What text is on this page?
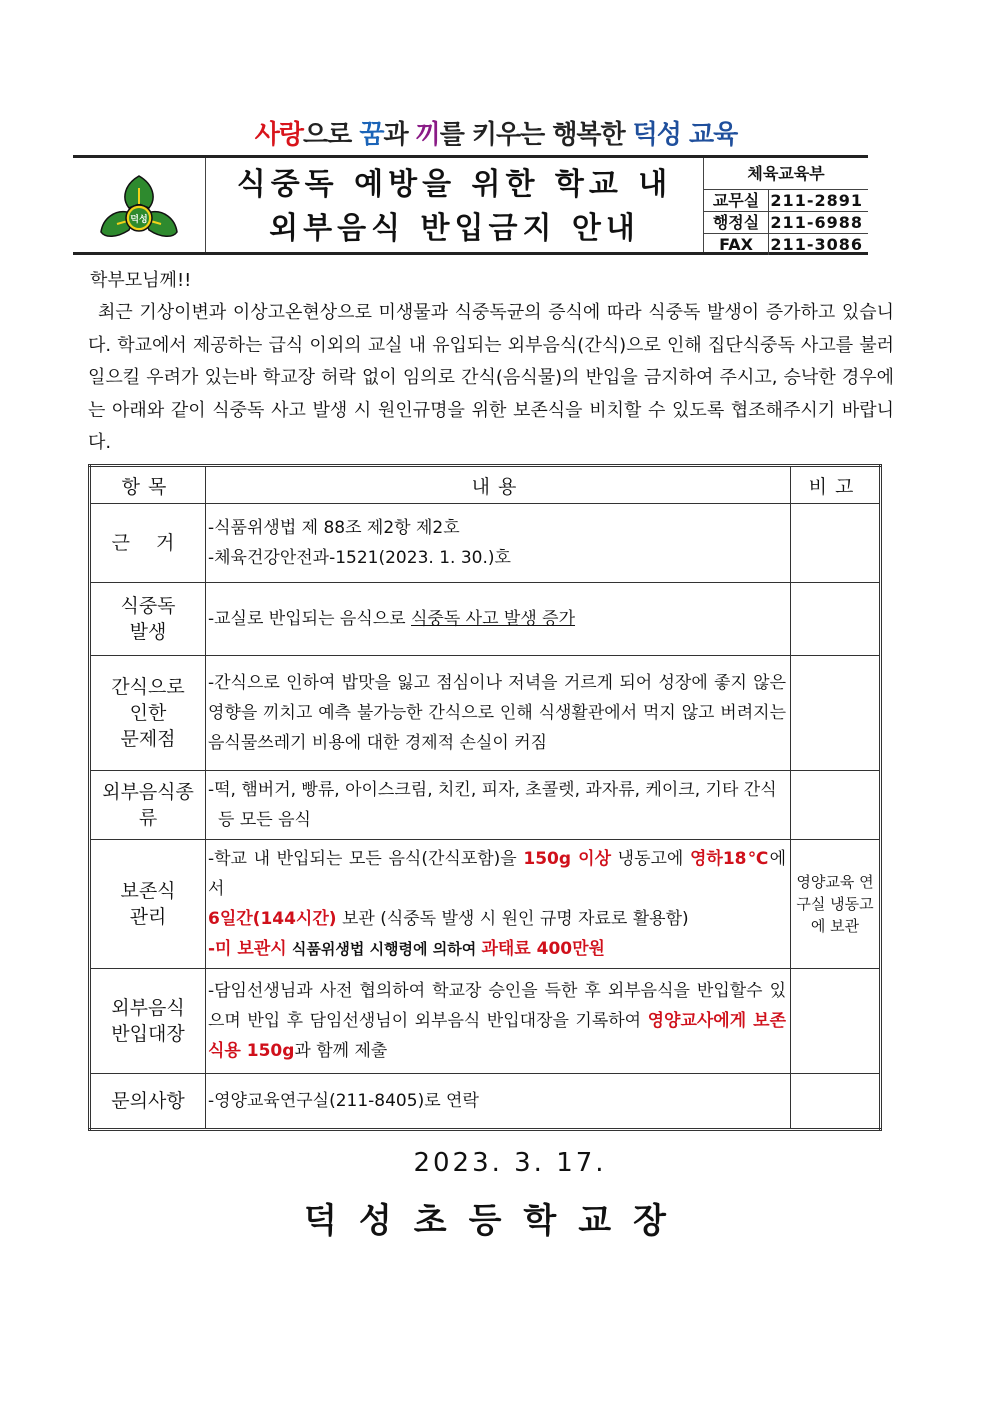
사랑으로 꿈과 끼를 키우는 행복한 덕성 교육
덕성
식중독 예방을 위한 학교 내
외부음식 반입금지 안내
체육교육부
교무실 211-2891
행정실 211-6988
FAX 211-3086
학부모님께!!
최근 기상이변과 이상고온현상으로 미생물과 식중독균의 증식에 따라 식중독 발생이 증가하고 있습니다. 학교에서 제공하는 급식 이외의 교실 내 유입되는 외부음식(간식)으로 인해 집단식중독 사고를 불러일으킬 우려가 있는바 학교장 허락 없이 임의로 간식(음식물)의 반입을 금지하여 주시고, 승낙한 경우에는 아래와 같이 식중독 사고 발생 시 원인규명을 위한 보존식을 비치할 수 있도록 협조해주시기 바랍니다.
항목	내용	비고
근 거	-식품위생법 제 88조 제2항 제2호
-체육건강안전과-1521(2023. 1. 30.)호	

식중독
발생	-교실로 반입되는 음식으로 식중독 사고 발생 증가	

간식으로
인한
문제점	-간식으로 인하여 밥맛을 잃고 점심이나 저녁을 거르게 되어 성장에 좋지 않은 영향을 끼치고 예측 불가능한 간식으로 인해 식생활관에서 먹지 않고 버려지는 음식물쓰레기 비용에 대한 경제적 손실이 커짐	

외부음식종
류	-떡, 햄버거, 빵류, 아이스크림, 치킨, 피자, 초콜렛, 과자류, 케이크, 기타 간식
등 모든 음식	

보존식
관리	-학교 내 반입되는 모든 음식(간식포함)을 150g 이상 냉동고에 영하18℃에서
6일간(144시간) 보관 (식중독 발생 시 원인 규명 자료로 활용함)
-미 보관시 식품위생법 시행령에 의하여 과태료 400만원	영양교육 연구실 냉동고에 보관

외부음식
반입대장	-담임선생님과 사전 협의하여 학교장 승인을 득한 후 외부음식을 반입할수 있으며 반입 후 담임선생님이 외부음식 반입대장을 기록하여 영양교사에게 보존식용 150g과 함께 제출	
문의사항	-영양교육연구실(211-8405)로 연락	
2023. 3. 17.
덕성초등학교장
